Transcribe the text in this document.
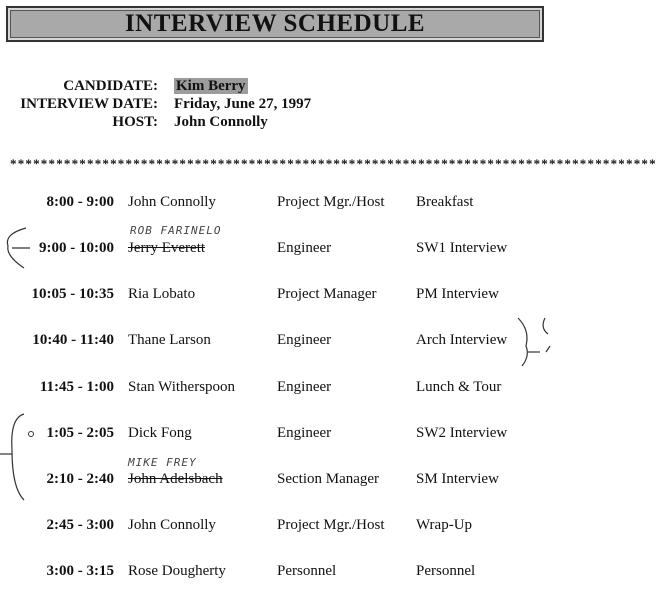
INTERVIEW SCHEDULE
CANDIDATE: Kim Berry
INTERVIEW DATE: Friday, June 27, 1997
HOST: John Connolly
************************************************************************************
8:00 - 9:00 John Connolly	Project Mgr./Host Breakfast
9:00 - 10:00 Jerry Everett	Engineer	SW1 Interview
10:05 - 10:35 Ria Lobato	Project Manager	PM Interview
10:40 - 11:40 Thane Larson	Engineer	Arch Interview
11:45 - 1:00 Stan Witherspoon	Engineer	Lunch & Tour
1:05 - 2:05 Dick Fong	Engineer	SW2 Interview
2:10 - 2:40 John Adelsbach	Section Manager SM Interview
2:45 - 3:00 John Connolly	Project Mgr./Host Wrap-Up
3:00 - 3:15 Rose Dougherty	Personnel	Personnel
ROB FARINELO
MIKE FREY
